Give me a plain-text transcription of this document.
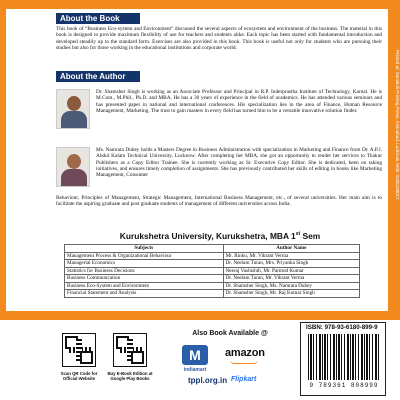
Printed at: Sanskriti Printing Press, Aminabad, Lucknow. Mob. 9335108017
About the Book

This book of “Business Eco-system and Environment” discussed the several aspects of ecosystem and environment of the business. The material in this book is designed to provide maximum flexibility of use for teachers and students alike. Each topic has been started with fundamental introduction and developed steadily up to the standard form. Exercises are also provided in this book. This book is useful not only for students who are pursuing their studies but also for those working in the educational institutions and corporate world.

About the Author

Dr. Shamsher Singh is working as an Associate Professor and Principal in R.P. Inderprastha Institute of Technology, Karnal. He is M.Com., M.Phil., Ph.D. and MBA. He has a 30 years of experience in the field of academics. He has attended various seminars and has presented paper in national and international conferences. His specialization lies in the area of Finance, Human Resource Management, Marketing. The trust to gain masters in every field has turned him to be a versatile innovative solution finder.

Ms. Namrata Dubey holds a Masters Degree in Business Administration with specialization in Marketing and Finance from Dr. A.P.J. Abdul Kalam Technical University, Lucknow. After completing her MBA, she got an opportunity to render her services to Thakur Publishers as a Copy Editor Trainee. She is currently working as Sr. Executive Copy Editor. She is dedicated, keen on taking initiatives, and ensures timely completion of assignments. She has previously contributed her skills of editing in books like Marketing Management, Consumer

Behaviour, Principles of Management, Strategic Management, International Business Management, etc., of several universities. Her main aim is to facilitate the aspiring graduate and post graduate students of management of different universities across India.

Kurukshetra University, Kurukshetra, MBA 1st Sem
Subjects	Author Name
Management Process & Organizational Behaviour	Mr. Rinku, Mr. Vikrant Verma
Managerial Economics	Dr. Neelam Turan, Mrs. Priyanka Singh
Statistics for Business Decisions	Neeraj Vashishth, Mr. Parmod Kumar
Business Communication	Dr. Neelam Turan, Mr. Vikrant Verma
Business Eco-System and Environment	Dr. Shamsher Singh, Ms. Namrata Dubey
Financial Statement and Analysis	Dr. Shamsher Singh, Mr. Raj Kumar Singh
Scan QR Code for Official Website
Buy E-Book Edition at Google Play Books
Also Book Available @
M
indiamart
amazon
tppl.org.in Flipkart
ISBN: 978-93-6180-899-9
9 789361 808999
